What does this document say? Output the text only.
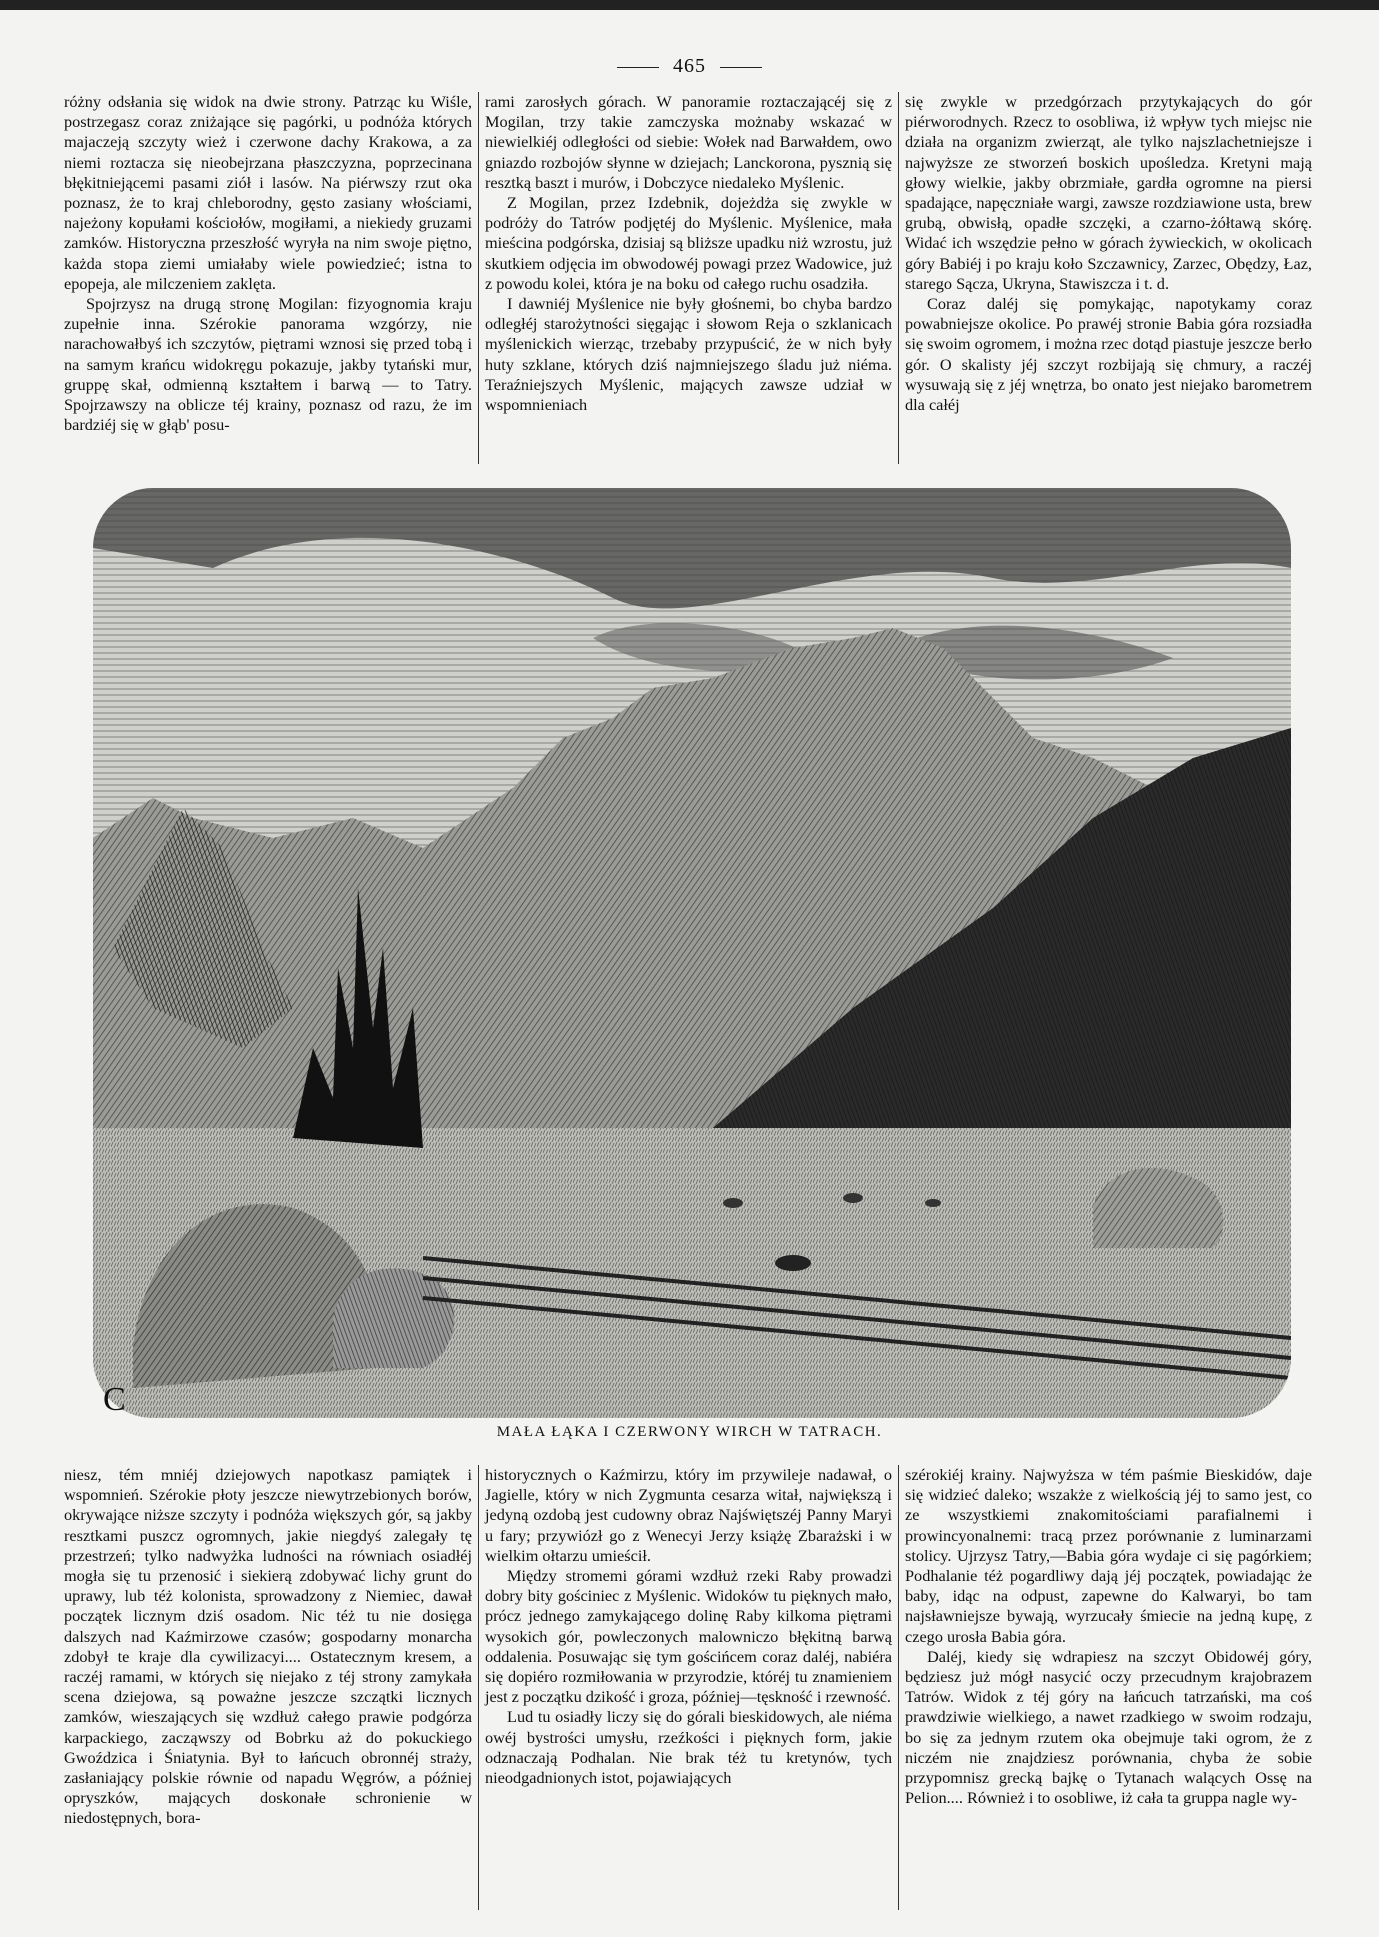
465

różny odsłania się widok na dwie strony. Patrząc ku Wiśle, postrzegasz coraz zniżające się pagórki, u podnóża których majaczeją szczyty wież i czerwone dachy Krakowa, a za niemi roztacza się nieobejrzana płaszczyzna, poprzecinana błękitniejącemi pasami ziół i lasów. Na piérwszy rzut oka poznasz, że to kraj chleborodny, gęsto zasiany włościami, najeżony kopułami kościołów, mogiłami, a niekiedy gruzami zamków. Historyczna przeszłość wyryła na nim swoje piętno, każda stopa ziemi umiałaby wiele powiedzieć; istna to epopeja, ale milczeniem zaklęta.

Spojrzysz na drugą stronę Mogilan: fizyognomia kraju zupełnie inna. Szérokie panorama wzgórzy, nie narachowałbyś ich szczytów, piętrami wznosi się przed tobą i na samym krańcu widokręgu pokazuje, jakby tytański mur, gruppę skał, odmienną kształtem i barwą — to Tatry. Spojrzawszy na oblicze téj krainy, poznasz od razu, że im bardziéj się w głąb' posu-

rami zarosłych górach. W panoramie roztaczającéj się z Mogilan, trzy takie zamczyska możnaby wskazać w niewielkiéj odległości od siebie: Wołek nad Barwałdem, owo gniazdo rozbojów słynne w dziejach; Lanckorona, pysznią się resztką baszt i murów, i Dobczyce niedaleko Myślenic.

Z Mogilan, przez Izdebnik, dojeżdża się zwykle w podróży do Tatrów podjętéj do Myślenic. Myślenice, mała mieścina podgórska, dzisiaj są bliższe upadku niż wzrostu, już skutkiem odjęcia im obwodowéj powagi przez Wadowice, już z powodu kolei, która je na boku od całego ruchu osadziła.

I dawniéj Myślenice nie były głośnemi, bo chyba bardzo odległéj starożytności sięgając i słowom Reja o szklanicach myślenickich wierząc, trzebaby przypuścić, że w nich były huty szklane, których dziś najmniejszego śladu już niéma. Teraźniejszych Myślenic, mających zawsze udział w wspomnieniach

się zwykle w przedgórzach przytykających do gór piérworodnych. Rzecz to osobliwa, iż wpływ tych miejsc nie działa na organizm zwierząt, ale tylko najszlachetniejsze i najwyższe ze stworzeń boskich upośledza. Kretyni mają głowy wielkie, jakby obrzmiałe, gardła ogromne na piersi spadające, napęczniałe wargi, zawsze rozdziawione usta, brew grubą, obwisłą, opadłe szczęki, a czarno-żółtawą skórę. Widać ich wszędzie pełno w górach żywieckich, w okolicach góry Babiéj i po kraju koło Szczawnicy, Zarzec, Obędzy, Łaz, starego Sącza, Ukryna, Stawiszcza i t. d.

Coraz daléj się pomykając, napotykamy coraz powabniejsze okolice. Po prawéj stronie Babia góra rozsiadła się swoim ogromem, i można rzec dotąd piastuje jeszcze berło gór. O skalisty jéj szczyt rozbijają się chmury, a raczéj wysuwają się z jéj wnętrza, bo onato jest niejako barometrem dla całéj

C
MAŁA ŁĄKA I CZERWONY WIRCH W TATRACH.

niesz, tém mniéj dziejowych napotkasz pamiątek i wspomnień. Szérokie płoty jeszcze niewytrzebionych borów, okrywające niższe szczyty i podnóża większych gór, są jakby resztkami puszcz ogromnych, jakie niegdyś zalegały tę przestrzeń; tylko nadwyżka ludności na równiach osiadłéj mogła się tu przenosić i siekierą zdobywać lichy grunt do uprawy, lub téż kolonista, sprowadzony z Niemiec, dawał początek licznym dziś osadom. Nic téż tu nie dosięga dalszych nad Kaźmirzowe czasów; gospodarny monarcha zdobył te kraje dla cywilizacyi.... Ostatecznym kresem, a raczéj ramami, w których się niejako z téj strony zamykała scena dziejowa, są poważne jeszcze szczątki licznych zamków, wieszających się wzdłuż całego prawie podgórza karpackiego, zacząwszy od Bobrku aż do pokuckiego Gwoździca i Śniatynia. Był to łańcuch obronnéj straży, zasłaniający polskie równie od napadu Węgrów, a później opryszków, mających doskonałe schronienie w niedostępnych, bora-

historycznych o Kaźmirzu, który im przywileje nadawał, o Jagielle, który w nich Zygmunta cesarza witał, największą i jedyną ozdobą jest cudowny obraz Najświętszéj Panny Maryi u fary; przywiózł go z Wenecyi Jerzy książę Zbarażski i w wielkim ołtarzu umieścił.

Między stromemi górami wzdłuż rzeki Raby prowadzi dobry bity gościniec z Myślenic. Widoków tu pięknych mało, prócz jednego zamykającego dolinę Raby kilkoma piętrami wysokich gór, powleczonych malowniczo błękitną barwą oddalenia. Posuwając się tym gościńcem coraz daléj, nabiéra się dopiéro rozmiłowania w przyrodzie, któréj tu znamieniem jest z początku dzikość i groza, później—tęskność i rzewność.

Lud tu osiadły liczy się do górali bieskidowych, ale niéma owéj bystrości umysłu, rzeźkości i pięknych form, jakie odznaczają Podhalan. Nie brak téż tu kretynów, tych nieodgadnionych istot, pojawiających

szérokiéj krainy. Najwyższa w tém paśmie Bieskidów, daje się widzieć daleko; wszakże z wielkością jéj to samo jest, co ze wszystkiemi znakomitościami parafialnemi i prowincyonalnemi: tracą przez porównanie z luminarzami stolicy. Ujrzysz Tatry,—Babia góra wydaje ci się pagórkiem; Podhalanie téż pogardliwy dają jéj początek, powiadając że baby, idąc na odpust, zapewne do Kalwaryi, bo tam najsławniejsze bywają, wyrzucały śmiecie na jedną kupę, z czego urosła Babia góra.

Daléj, kiedy się wdrapiesz na szczyt Obidowéj góry, będziesz już mógł nasycić oczy przecudnym krajobrazem Tatrów. Widok z téj góry na łańcuch tatrzański, ma coś prawdziwie wielkiego, a nawet rzadkiego w swoim rodzaju, bo się za jednym rzutem oka obejmuje taki ogrom, że z niczém nie znajdziesz porównania, chyba że sobie przypomnisz grecką bajkę o Tytanach walących Ossę na Pelion.... Również i to osobliwe, iż cała ta gruppa nagle wy-
